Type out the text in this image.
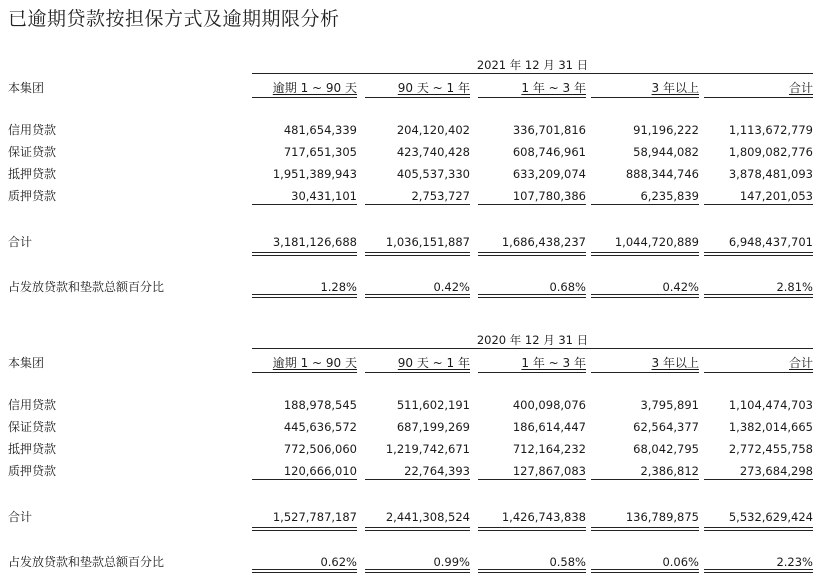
已逾期贷款按担保方式及逾期期限分析
2021 年 12 月 31 日
本集团	逾期 1 ~ 90 天	90 天 ~ 1 年	1 年 ~ 3 年	3 年以上	合计
信用贷款	481,654,339	204,120,402	336,701,816	91,196,222	1,113,672,779
保证贷款	717,651,305	423,740,428	608,746,961	58,944,082	1,809,082,776
抵押贷款	1,951,389,943	405,537,330	633,209,074	888,344,746	3,878,481,093
质押贷款	30,431,101	2,753,727	107,780,386	6,235,839	147,201,053
合计	3,181,126,688	1,036,151,887	1,686,438,237	1,044,720,889	6,948,437,701
占发放贷款和垫款总额百分比	1.28%	0.42%	0.68%	0.42%	2.81%
2020 年 12 月 31 日
本集团	逾期 1 ~ 90 天	90 天 ~ 1 年	1 年 ~ 3 年	3 年以上	合计
信用贷款	188,978,545	511,602,191	400,098,076	3,795,891	1,104,474,703
保证贷款	445,636,572	687,199,269	186,614,447	62,564,377	1,382,014,665
抵押贷款	772,506,060	1,219,742,671	712,164,232	68,042,795	2,772,455,758
质押贷款	120,666,010	22,764,393	127,867,083	2,386,812	273,684,298
合计	1,527,787,187	2,441,308,524	1,426,743,838	136,789,875	5,532,629,424
占发放贷款和垫款总额百分比	0.62%	0.99%	0.58%	0.06%	2.23%
